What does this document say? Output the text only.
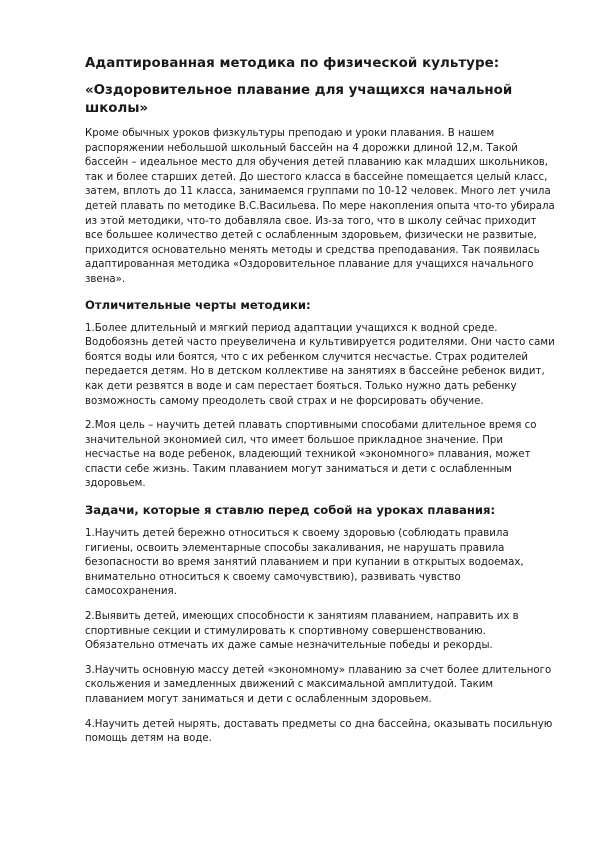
Адаптированная методика по физической культуре:
«Оздоровительное плавание для учащихся начальной школы»
Кроме обычных уроков физкультуры преподаю и уроки плавания. В нашем распоряжении небольшой школьный бассейн на 4 дорожки длиной 12,м. Такой бассейн – идеальное место для обучения детей плаванию как младших школьников, так и более старших детей. До шестого класса в бассейне помещается целый класс, затем, вплоть до 11 класса, занимаемся группами по 10-12 человек. Много лет учила детей плавать по методике В.С.Васильева. По мере накопления опыта что-то убирала из этой методики, что-то добавляла свое. Из-за того, что в школу сейчас приходит все большее количество детей с ослабленным здоровьем, физически не развитые, приходится основательно менять методы и средства преподавания. Так появилась адаптированная методика «Оздоровительное плавание для учащихся начального звена».
Отличительные черты методики:
1.Более длительный и мягкий период адаптации учащихся к водной среде. Водобоязнь детей часто преувеличена и культивируется родителями. Они часто сами боятся воды или боятся, что с их ребенком случится несчастье. Страх родителей передается детям. Но в детском коллективе на занятиях в бассейне ребенок видит, как дети резвятся в воде и сам перестает бояться. Только нужно дать ребенку возможность самому преодолеть свой страх и не форсировать обучение.
2.Моя цель – научить детей плавать спортивными способами длительное время со значительной экономией сил, что имеет большое прикладное значение. При несчастье на воде ребенок, владеющий техникой «экономного» плавания, может спасти себе жизнь. Таким плаванием могут заниматься и дети с ослабленным здоровьем.
Задачи, которые я ставлю перед собой на уроках плавания:
1.Научить детей бережно относиться к своему здоровью (соблюдать правила гигиены, освоить элементарные способы закаливания, не нарушать правила безопасности во время занятий плаванием и при купании в открытых водоемах, внимательно относиться к своему самочувствию), развивать чувство самосохранения.
2.Выявить детей, имеющих способности к занятиям плаванием, направить их в спортивные секции и стимулировать к спортивному совершенствованию. Обязательно отмечать их даже самые незначительные победы и рекорды.
3.Научить основную массу детей «экономному» плаванию за счет более длительного скольжения и замедленных движений с максимальной амплитудой. Таким плаванием могут заниматься и дети с ослабленным здоровьем.
4.Научить детей нырять, доставать предметы со дна бассейна, оказывать посильную помощь детям на воде.
